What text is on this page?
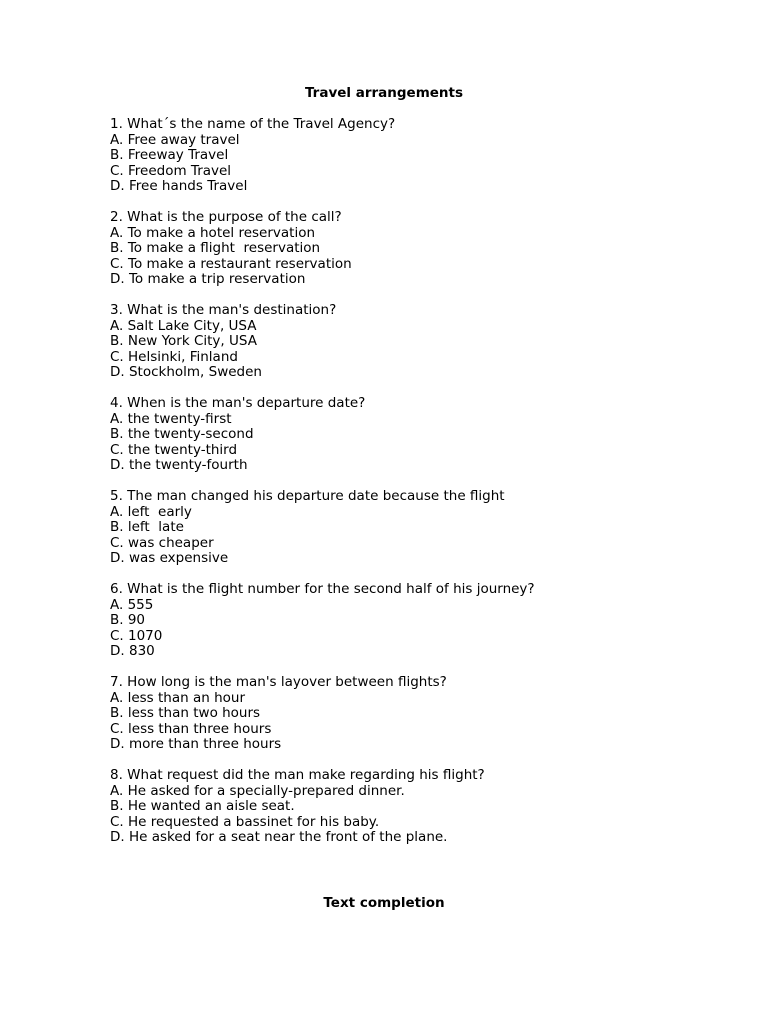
Travel arrangements

1. What´s the name of the Travel Agency?

A. Free away travel

B. Freeway Travel

C. Freedom Travel

D. Free hands Travel

2. What is the purpose of the call?

A. To make a hotel reservation

B. To make a flight  reservation

C. To make a restaurant reservation

D. To make a trip reservation

3. What is the man's destination?

A. Salt Lake City, USA

B. New York City, USA

C. Helsinki, Finland

D. Stockholm, Sweden

4. When is the man's departure date?

A. the twenty-first

B. the twenty-second

C. the twenty-third

D. the twenty-fourth

5. The man changed his departure date because the flight

A. left  early

B. left  late

C. was cheaper

D. was expensive

6. What is the flight number for the second half of his journey?

A. 555

B. 90

C. 1070

D. 830

7. How long is the man's layover between flights?

A. less than an hour

B. less than two hours

C. less than three hours

D. more than three hours

8. What request did the man make regarding his flight?

A. He asked for a specially-prepared dinner.

B. He wanted an aisle seat.

C. He requested a bassinet for his baby.

D. He asked for a seat near the front of the plane.

Text completion
